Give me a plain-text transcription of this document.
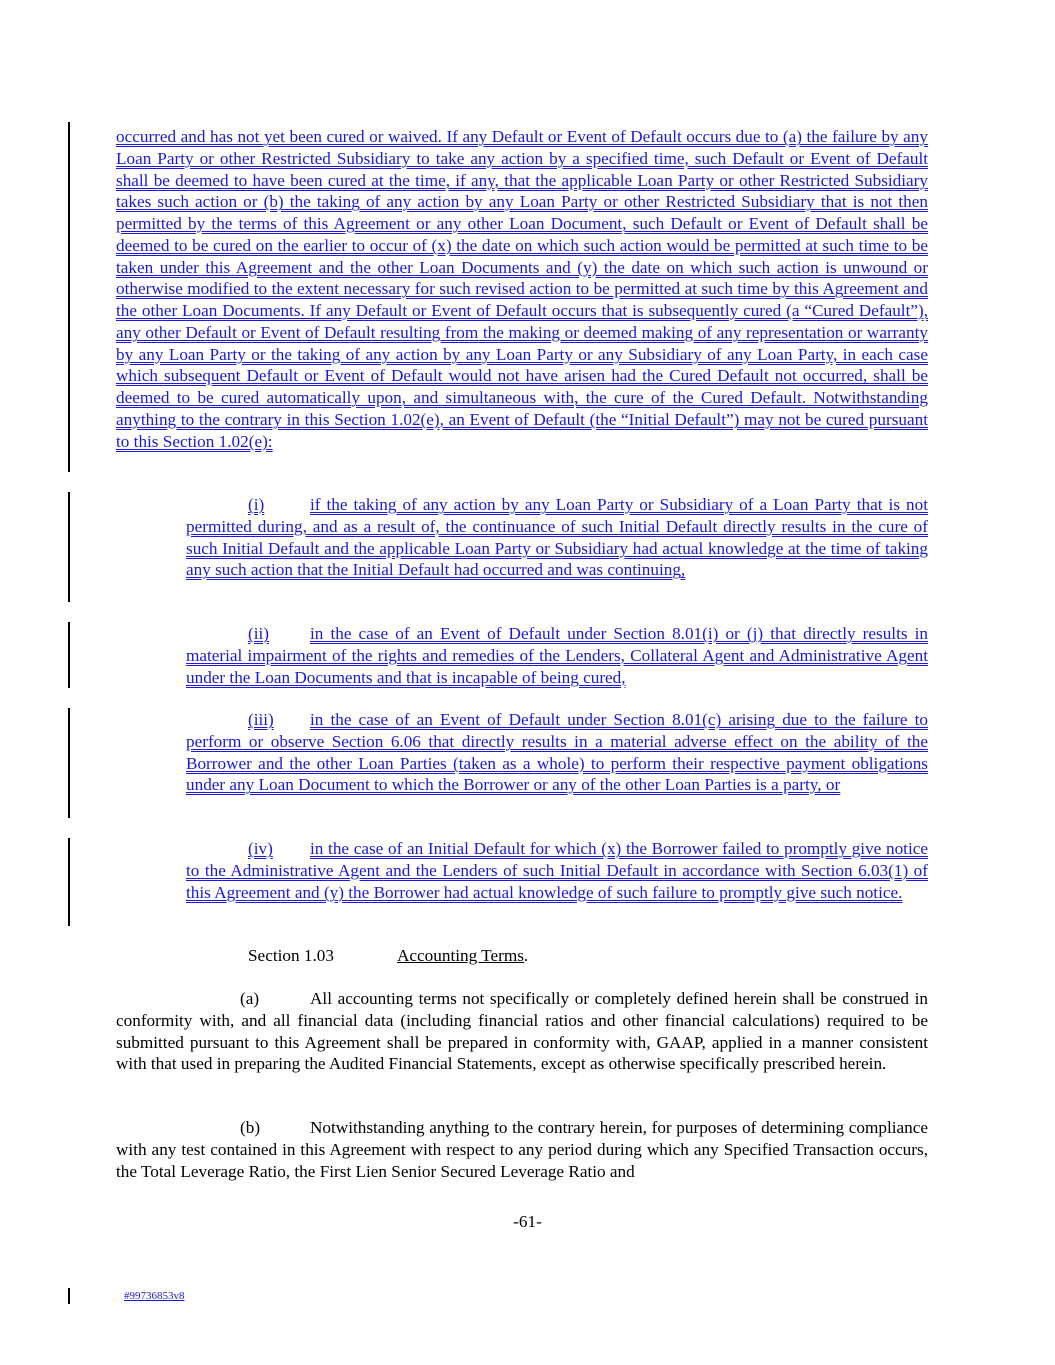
occurred and has not yet been cured or waived. If any Default or Event of Default occurs due to (a) the failure by any Loan Party or other Restricted Subsidiary to take any action by a specified time, such Default or Event of Default shall be deemed to have been cured at the time, if any, that the applicable Loan Party or other Restricted Subsidiary takes such action or (b) the taking of any action by any Loan Party or other Restricted Subsidiary that is not then permitted by the terms of this Agreement or any other Loan Document, such Default or Event of Default shall be deemed to be cured on the earlier to occur of (x) the date on which such action would be permitted at such time to be taken under this Agreement and the other Loan Documents and (y) the date on which such action is unwound or otherwise modified to the extent necessary for such revised action to be permitted at such time by this Agreement and the other Loan Documents. If any Default or Event of Default occurs that is subsequently cured (a “Cured Default”), any other Default or Event of Default resulting from the making or deemed making of any representation or warranty by any Loan Party or the taking of any action by any Loan Party or any Subsidiary of any Loan Party, in each case which subsequent Default or Event of Default would not have arisen had the Cured Default not occurred, shall be deemed to be cured automatically upon, and simultaneous with, the cure of the Cured Default. Notwithstanding anything to the contrary in this Section 1.02(e), an Event of Default (the “Initial Default”) may not be cured pursuant to this Section 1.02(e):

(i)	if the taking of any action by any Loan Party or Subsidiary of a Loan Party that is not permitted during, and as a result of, the continuance of such Initial Default directly results in the cure of such Initial Default and the applicable Loan Party or Subsidiary had actual knowledge at the time of taking any such action that the Initial Default had occurred and was continuing,

(ii) in the case of an Event of Default under Section 8.01(i) or (j) that directly results in material impairment of the rights and remedies of the Lenders, Collateral Agent and Administrative Agent under the Loan Documents and that is incapable of being cured,

(iii) in the case of an Event of Default under Section 8.01(c) arising due to the failure to perform or observe Section 6.06 that directly results in a material adverse effect on the ability of the Borrower and the other Loan Parties (taken as a whole) to perform their respective payment obligations under any Loan Document to which the Borrower or any of the other Loan Parties is a party, or

(iv) in the case of an Initial Default for which (x) the Borrower failed to promptly give notice to the Administrative Agent and the Lenders of such Initial Default in accordance with Section 6.03(1) of this Agreement and (y) the Borrower had actual knowledge of such failure to promptly give such notice.

Section 1.03	Accounting Terms.

(a)	All accounting terms not specifically or completely defined herein shall be construed in conformity with, and all financial data (including financial ratios and other financial calculations) required to be submitted pursuant to this Agreement shall be prepared in conformity with, GAAP, applied in a manner consistent with that used in preparing the Audited Financial Statements, except as otherwise specifically prescribed herein.

(b)	Notwithstanding anything to the contrary herein, for purposes of determining compliance with any test contained in this Agreement with respect to any period during which any Specified Transaction occurs, the Total Leverage Ratio, the First Lien Senior Secured Leverage Ratio and

-61-
#99736853v8
